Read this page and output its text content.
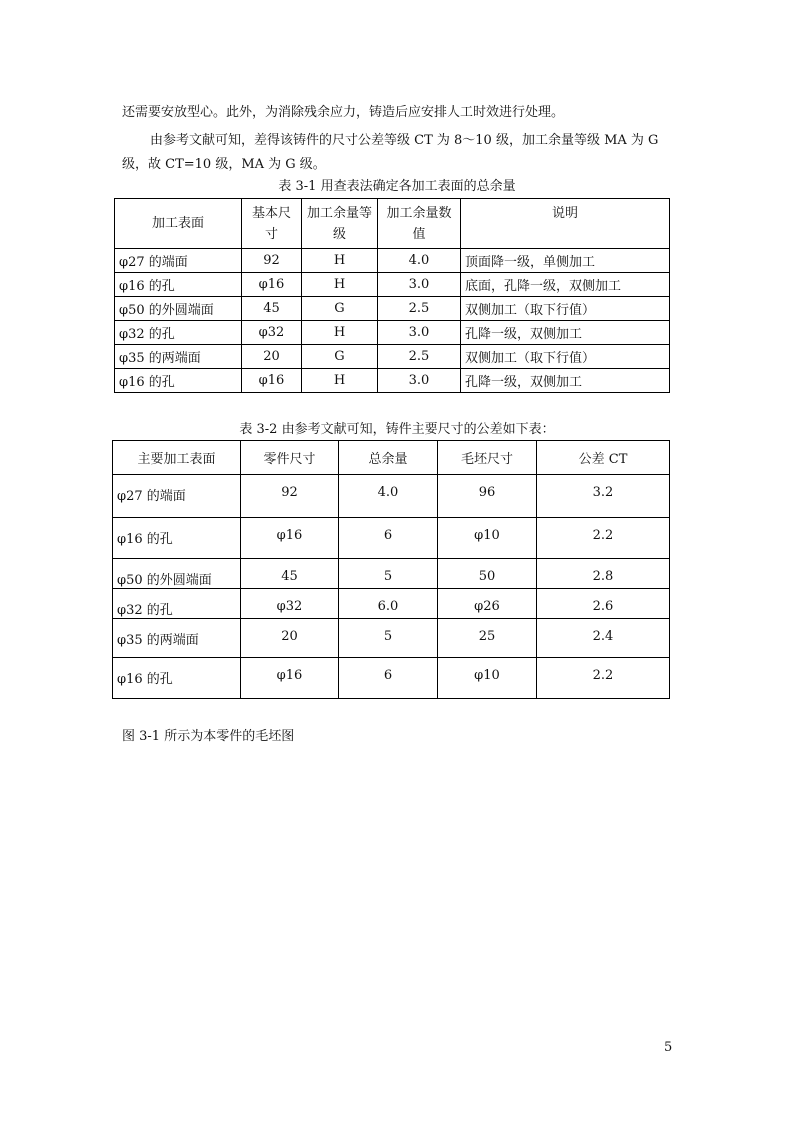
还需要安放型心。此外，为消除残余应力，铸造后应安排人工时效进行处理。

由参考文献可知，差得该铸件的尺寸公差等级 CT 为 8～10 级，加工余量等级 MA 为 G

级，故 CT=10 级，MA 为 G 级。

表 3-1 用查表法确定各加工表面的总余量

加工表面	基本尺寸	加工余量等级	加工余量数值	说明
φ27 的端面	92	H	4.0	顶面降一级，单侧加工
φ16 的孔	φ16	H	3.0	底面，孔降一级，双侧加工
φ50 的外圆端面	45	G	2.5	双侧加工（取下行值）
φ32 的孔	φ32	H	3.0	孔降一级，双侧加工
φ35 的两端面	20	G	2.5	双侧加工（取下行值）
φ16 的孔	φ16	H	3.0	孔降一级，双侧加工

表 3-2 由参考文献可知，铸件主要尺寸的公差如下表：

主要加工表面	零件尺寸	总余量	毛坯尺寸	公差 CT
φ27 的端面	92	4.0	96	3.2
φ16 的孔	φ16	6	φ10	2.2
φ50 的外圆端面	45	5	50	2.8
φ32 的孔	φ32	6.0	φ26	2.6
φ35 的两端面	20	5	25	2.4
φ16 的孔	φ16	6	φ10	2.2

图 3-1 所示为本零件的毛坯图

5
